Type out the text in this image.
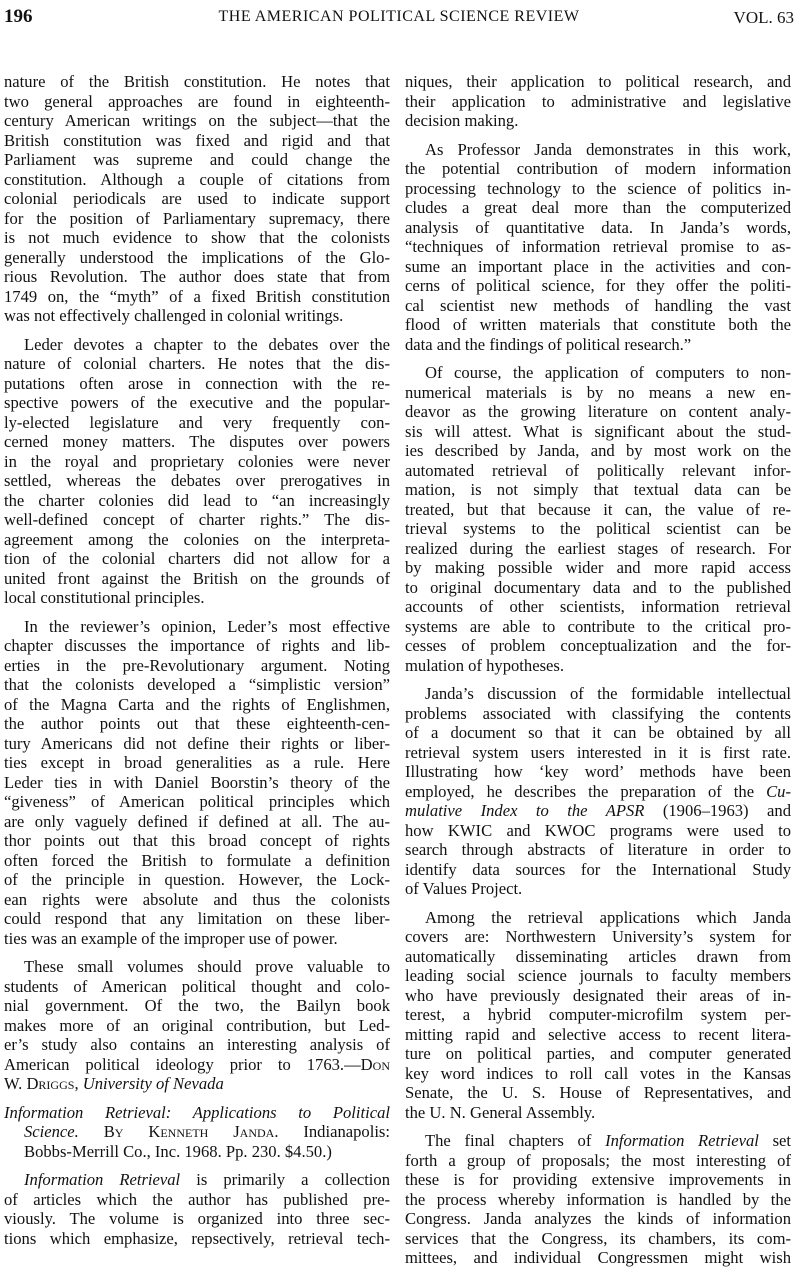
196	THE AMERICAN POLITICAL SCIENCE REVIEW	VOL. 63
nature of the British constitution. He notes that
two general approaches are found in eighteenth-
century American writings on the subject—that the
British constitution was fixed and rigid and that
Parliament was supreme and could change the
constitution. Although a couple of citations from
colonial periodicals are used to indicate support
for the position of Parliamentary supremacy, there
is not much evidence to show that the colonists
generally understood the implications of the Glo-
rious Revolution. The author does state that from
1749 on, the “myth” of a fixed British constitution
was not effectively challenged in colonial writings.
Leder devotes a chapter to the debates over the
nature of colonial charters. He notes that the dis-
putations often arose in connection with the re-
spective powers of the executive and the popular-
ly-elected legislature and very frequently con-
cerned money matters. The disputes over powers
in the royal and proprietary colonies were never
settled, whereas the debates over prerogatives in
the charter colonies did lead to “an increasingly
well-defined concept of charter rights.” The dis-
agreement among the colonies on the interpreta-
tion of the colonial charters did not allow for a
united front against the British on the grounds of
local constitutional principles.
In the reviewer’s opinion, Leder’s most effective
chapter discusses the importance of rights and lib-
erties in the pre-Revolutionary argument. Noting
that the colonists developed a “simplistic version”
of the Magna Carta and the rights of Englishmen,
the author points out that these eighteenth-cen-
tury Americans did not define their rights or liber-
ties except in broad generalities as a rule. Here
Leder ties in with Daniel Boorstin’s theory of the
“giveness” of American political principles which
are only vaguely defined if defined at all. The au-
thor points out that this broad concept of rights
often forced the British to formulate a definition
of the principle in question. However, the Lock-
ean rights were absolute and thus the colonists
could respond that any limitation on these liber-
ties was an example of the improper use of power.
These small volumes should prove valuable to
students of American political thought and colo-
nial government. Of the two, the Bailyn book
makes more of an original contribution, but Led-
er’s study also contains an interesting analysis of
American political ideology prior to 1763.—Don
W. Driggs, University of Nevada
Information Retrieval: Applications to Political
Science. By Kenneth Janda. Indianapolis:
Bobbs-Merrill Co., Inc. 1968. Pp. 230. $4.50.)
Information Retrieval is primarily a collection
of articles which the author has published pre-
viously. The volume is organized into three sec-
tions which emphasize, repsectively, retrieval tech-
niques, their application to political research, and
their application to administrative and legislative
decision making.
As Professor Janda demonstrates in this work,
the potential contribution of modern information
processing technology to the science of politics in-
cludes a great deal more than the computerized
analysis of quantitative data. In Janda’s words,
“techniques of information retrieval promise to as-
sume an important place in the activities and con-
cerns of political science, for they offer the politi-
cal scientist new methods of handling the vast
flood of written materials that constitute both the
data and the findings of political research.”
Of course, the application of computers to non-
numerical materials is by no means a new en-
deavor as the growing literature on content analy-
sis will attest. What is significant about the stud-
ies described by Janda, and by most work on the
automated retrieval of politically relevant infor-
mation, is not simply that textual data can be
treated, but that because it can, the value of re-
trieval systems to the political scientist can be
realized during the earliest stages of research. For
by making possible wider and more rapid access
to original documentary data and to the published
accounts of other scientists, information retrieval
systems are able to contribute to the critical pro-
cesses of problem conceptualization and the for-
mulation of hypotheses.
Janda’s discussion of the formidable intellectual
problems associated with classifying the contents
of a document so that it can be obtained by all
retrieval system users interested in it is first rate.
Illustrating how ‘key word’ methods have been
employed, he describes the preparation of the Cu-
mulative Index to the APSR (1906–1963) and
how KWIC and KWOC programs were used to
search through abstracts of literature in order to
identify data sources for the International Study
of Values Project.
Among the retrieval applications which Janda
covers are: Northwestern University’s system for
automatically disseminating articles drawn from
leading social science journals to faculty members
who have previously designated their areas of in-
terest, a hybrid computer-microfilm system per-
mitting rapid and selective access to recent litera-
ture on political parties, and computer generated
key word indices to roll call votes in the Kansas
Senate, the U. S. House of Representatives, and
the U. N. General Assembly.
The final chapters of Information Retrieval set
forth a group of proposals; the most interesting of
these is for providing extensive improvements in
the process whereby information is handled by the
Congress. Janda analyzes the kinds of information
services that the Congress, its chambers, its com-
mittees, and individual Congressmen might wish
